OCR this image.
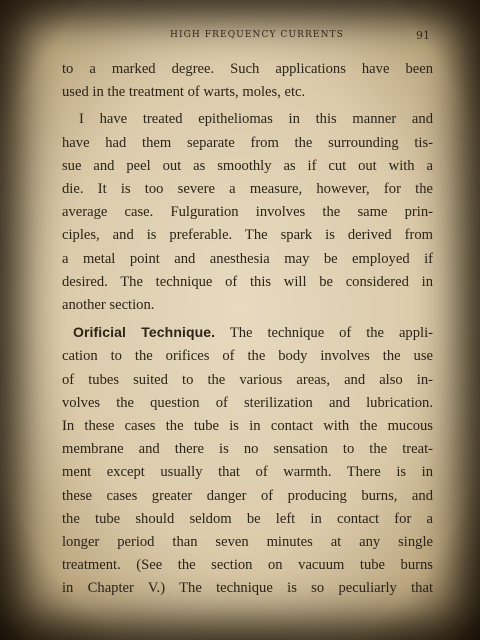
HIGH FREQUENCY CURRENTS	91
to a marked degree. Such applications have been
used in the treatment of warts, moles, etc.
I have treated epitheliomas in this manner and
have had them separate from the surrounding tis-
sue and peel out as smoothly as if cut out with a
die. It is too severe a measure, however, for the
average case. Fulguration involves the same prin-
ciples, and is preferable. The spark is derived from
a metal point and anesthesia may be employed if
desired. The technique of this will be considered in
another section.
Orificial Technique. The technique of the appli-
cation to the orifices of the body involves the use
of tubes suited to the various areas, and also in-
volves the question of sterilization and lubrication.
In these cases the tube is in contact with the mucous
membrane and there is no sensation to the treat-
ment except usually that of warmth. There is in
these cases greater danger of producing burns, and
the tube should seldom be left in contact for a
longer period than seven minutes at any single
treatment. (See the section on vacuum tube burns
in Chapter V.) The technique is so peculiarly that
